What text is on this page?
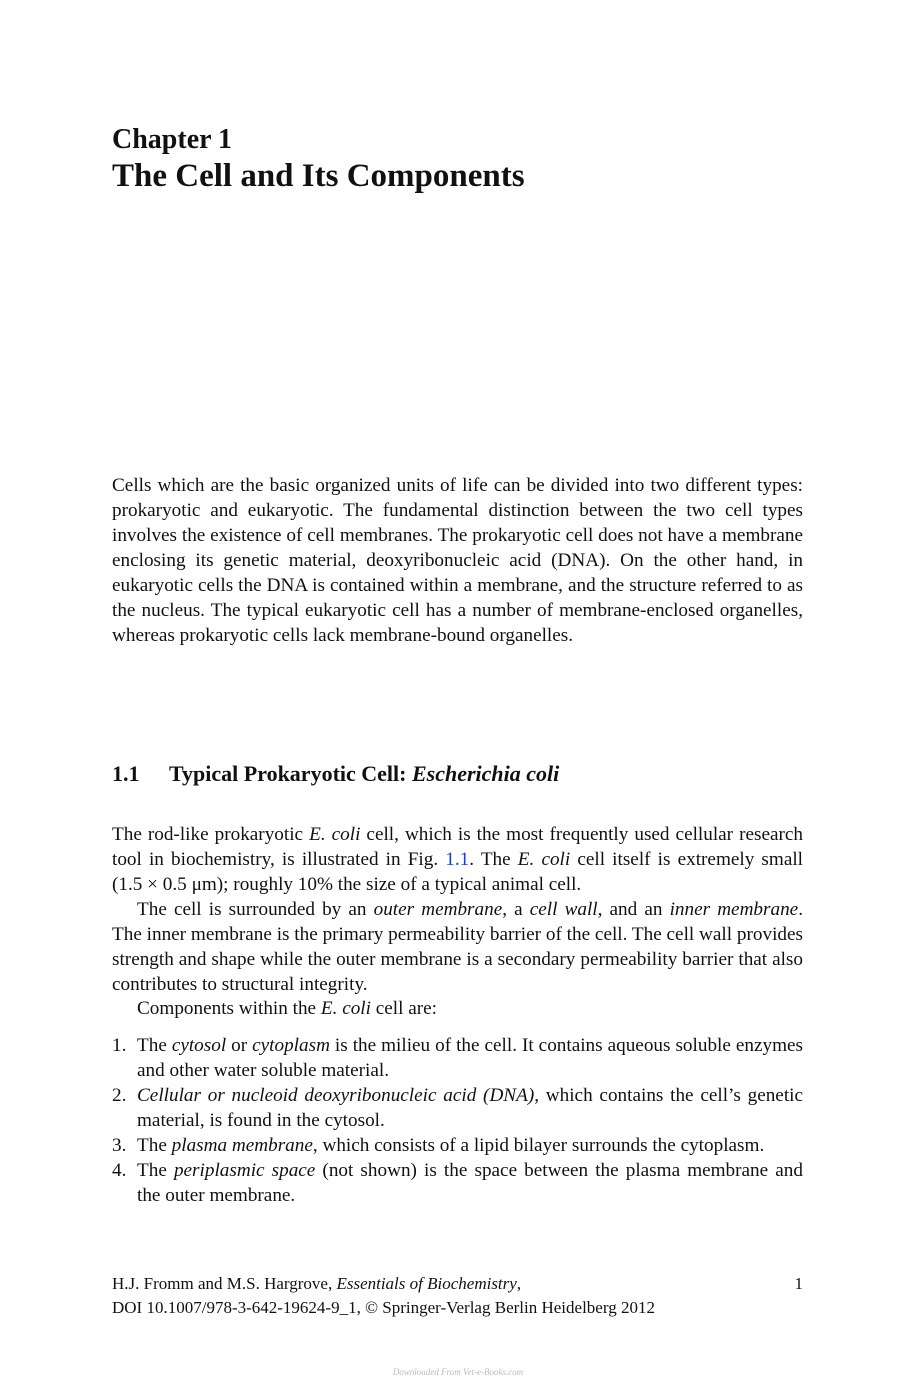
Chapter 1
The Cell and Its Components

Cells which are the basic organized units of life can be divided into two different types: prokaryotic and eukaryotic. The fundamental distinction between the two cell types involves the existence of cell membranes. The prokaryotic cell does not have a membrane enclosing its genetic material, deoxyribonucleic acid (DNA). On the other hand, in eukaryotic cells the DNA is contained within a membrane, and the structure referred to as the nucleus. The typical eukaryotic cell has a number of membrane-enclosed organelles, whereas prokaryotic cells lack membrane-bound organelles.

1.1 Typical Prokaryotic Cell: Escherichia coli

The rod-like prokaryotic E. coli cell, which is the most frequently used cellular research tool in biochemistry, is illustrated in Fig. 1.1. The E. coli cell itself is extremely small (1.5 × 0.5 μm); roughly 10% the size of a typical animal cell.

The cell is surrounded by an outer membrane, a cell wall, and an inner membrane. The inner membrane is the primary permeability barrier of the cell. The cell wall provides strength and shape while the outer membrane is a secondary permeability barrier that also contributes to structural integrity.

Components within the E. coli cell are:

1. The cytosol or cytoplasm is the milieu of the cell. It contains aqueous soluble enzymes and other water soluble material.
2. Cellular or nucleoid deoxyribonucleic acid (DNA), which contains the cell’s genetic material, is found in the cytosol.
3. The plasma membrane, which consists of a lipid bilayer surrounds the cytoplasm.
4. The periplasmic space (not shown) is the space between the plasma membrane and the outer membrane.
H.J. Fromm and M.S. Hargrove, Essentials of Biochemistry,	1
DOI 10.1007/978-3-642-19624-9_1, © Springer-Verlag Berlin Heidelberg 2012
Downloaded From Vet-e-Books.com
